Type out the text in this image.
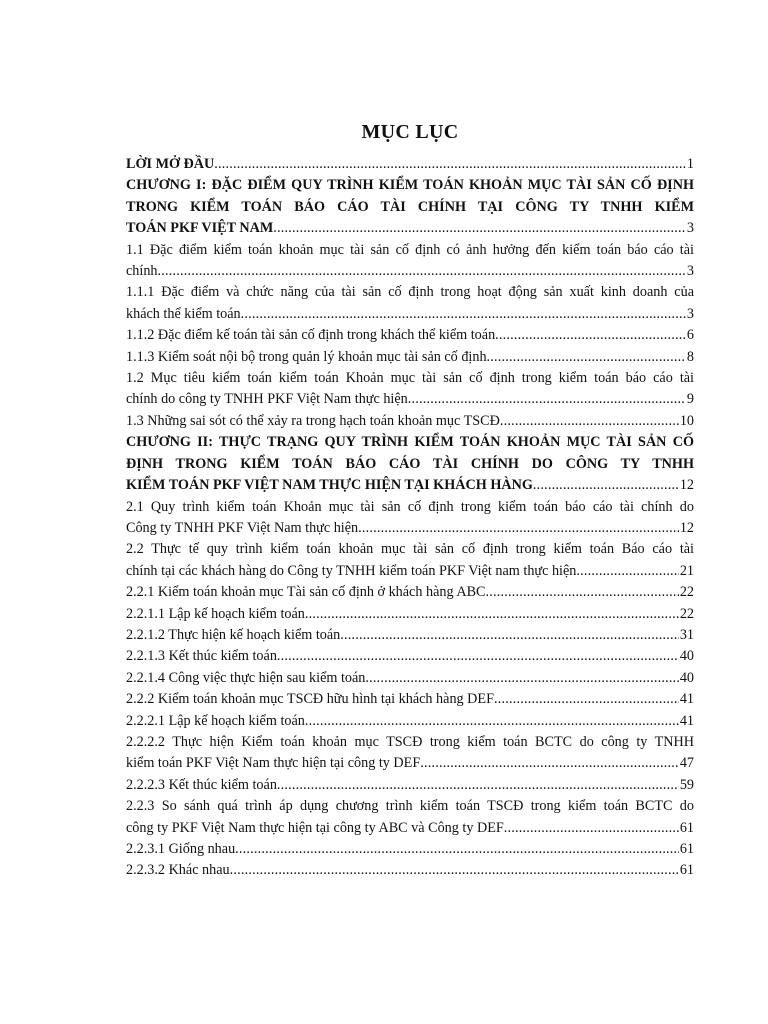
MỤC LỤC
LỜI MỞ ĐẦU .....	1
CHƯƠNG I: ĐẶC ĐIỂM QUY TRÌNH KIỂM TOÁN KHOẢN MỤC TÀI SẢN CỐ ĐỊNH TRONG KIỂM TOÁN BÁO CÁO TÀI CHÍNH TẠI CÔNG TY TNHH KIỂM
TOÁN PKF VIỆT NAM .....	3
1.1 Đặc điểm kiểm toán khoản mục tài sản cố định có ảnh hưởng đến kiểm toán báo cáo tài
chính .....	3
1.1.1 Đặc điểm và chức năng của tài sản cố định trong hoạt động sản xuất kinh doanh của
khách thể kiểm toán .....	3
1.1.2 Đặc điểm kế toán tài sản cố định trong khách thể kiểm toán .....	6
1.1.3 Kiểm soát nội bộ trong quản lý khoản mục tài sản cố định .....	8
1.2 Mục tiêu kiểm toán kiểm toán Khoản mục tài sản cố định trong kiểm toán báo cáo tài
chính do công ty TNHH PKF Việt Nam thực hiện .....	9
1.3 Những sai sót có thể xảy ra trong hạch toán khoản mục TSCĐ .....	10
CHƯƠNG II: THỰC TRẠNG QUY TRÌNH KIỂM TOÁN KHOẢN MỤC TÀI SẢN CỐ ĐỊNH TRONG KIỂM TOÁN BÁO CÁO TÀI CHÍNH DO CÔNG TY TNHH
KIỂM TOÁN PKF VIỆT NAM THỰC HIỆN TẠI KHÁCH HÀNG .....	12
2.1 Quy trình kiểm toán Khoản mục tài sản cố định trong kiểm toán báo cáo tài chính do
Công ty TNHH PKF Việt Nam thực hiện .....	12
2.2 Thực tế quy trình kiểm toán khoản mục tài sản cố định trong kiểm toán Báo cáo tài
chính tại các khách hàng do Công ty TNHH kiểm toán PKF Việt nam thực hiện .....	21
2.2.1 Kiểm toán khoản mục Tài sản cố định ở khách hàng ABC .....	22
2.2.1.1 Lập kế hoạch kiểm toán .....	22
2.2.1.2 Thực hiện kế hoạch kiểm toán .....	31
2.2.1.3 Kết thúc kiểm toán .....	40
2.2.1.4 Công việc thực hiện sau kiểm toán .....	40
2.2.2 Kiểm toán khoản mục TSCĐ hữu hình tại khách hàng DEF .....	41
2.2.2.1 Lập kế hoạch kiểm toán .....	41
2.2.2.2 Thực hiện Kiểm toán khoản mục TSCĐ trong kiểm toán BCTC do công ty TNHH
kiểm toán PKF Việt Nam thực hiện tại công ty DEF .....	47
2.2.2.3 Kết thúc kiểm toán .....	59
2.2.3 So sánh quá trình áp dụng chương trình kiểm toán TSCĐ trong kiểm toán BCTC do
công ty PKF Việt Nam thực hiện tại công ty ABC và Công ty DEF .....	61
2.2.3.1 Giống nhau .....	61
2.2.3.2 Khác nhau .....	61
